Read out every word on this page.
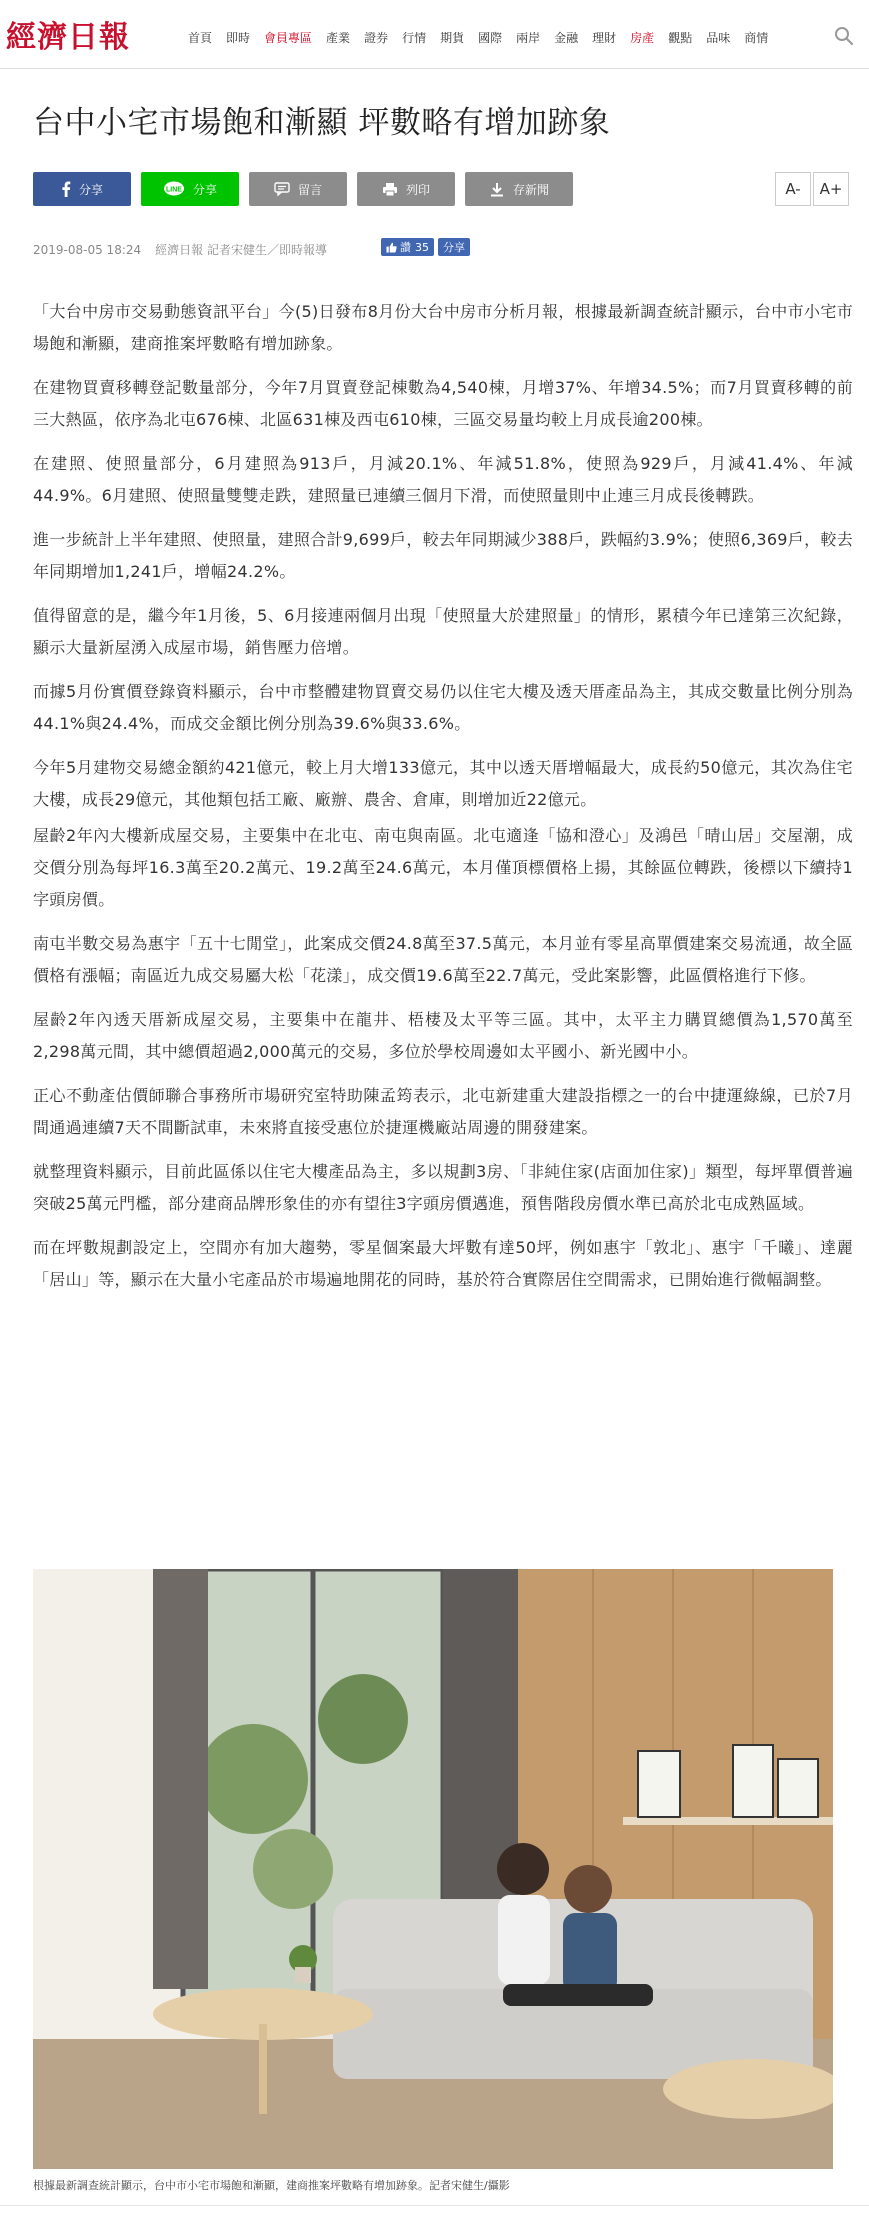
經濟日報	首頁 即時 會員專區 產業 證券 行情 期貨 國際 兩岸 金融 理財 房產 觀點 品味 商情
台中小宅市場飽和漸顯 坪數略有增加跡象
分享	LINE 分享	留言	列印	存新聞	A-	A+
2019-08-05 18:24 經濟日報 記者宋健生／即時報導	讚 35	分享

「大台中房市交易動態資訊平台」今(5)日發布8月份大台中房市分析月報，根據最新調查統計顯示，台中市小宅市場飽和漸顯，建商推案坪數略有增加跡象。

在建物買賣移轉登記數量部分，今年7月買賣登記棟數為4,540棟，月增37%、年增34.5%；而7月買賣移轉的前三大熱區，依序為北屯676棟、北區631棟及西屯610棟，三區交易量均較上月成長逾200棟。

在建照、使照量部分，6月建照為913戶，月減20.1%、年減51.8%，使照為929戶，月減41.4%、年減44.9%。6月建照、使照量雙雙走跌，建照量已連續三個月下滑，而使照量則中止連三月成長後轉跌。

進一步統計上半年建照、使照量，建照合計9,699戶，較去年同期減少388戶，跌幅約3.9%；使照6,369戶，較去年同期增加1,241戶，增幅24.2%。

值得留意的是，繼今年1月後，5、6月接連兩個月出現「使照量大於建照量」的情形，累積今年已達第三次紀錄，顯示大量新屋湧入成屋市場，銷售壓力倍增。

而據5月份實價登錄資料顯示，台中市整體建物買賣交易仍以住宅大樓及透天厝產品為主，其成交數量比例分別為44.1%與24.4%，而成交金額比例分別為39.6%與33.6%。

今年5月建物交易總金額約421億元，較上月大增133億元，其中以透天厝增幅最大，成長約50億元，其次為住宅大樓，成長29億元，其他類包括工廠、廠辦、農舍、倉庫，則增加近22億元。

屋齡2年內大樓新成屋交易，主要集中在北屯、南屯與南區。北屯適逢「協和澄心」及鴻邑「晴山居」交屋潮，成交價分別為每坪16.3萬至20.2萬元、19.2萬至24.6萬元，本月僅頂標價格上揚，其餘區位轉跌，後標以下續持1字頭房價。

南屯半數交易為惠宇「五十七閒堂」，此案成交價24.8萬至37.5萬元，本月並有零星高單價建案交易流通，故全區價格有漲幅；南區近九成交易屬大松「花漾」，成交價19.6萬至22.7萬元，受此案影響，此區價格進行下修。

屋齡2年內透天厝新成屋交易，主要集中在龍井、梧棲及太平等三區。其中，太平主力購買總價為1,570萬至2,298萬元間，其中總價超過2,000萬元的交易，多位於學校周邊如太平國小、新光國中小。

正心不動產估價師聯合事務所市場研究室特助陳孟筠表示，北屯新建重大建設指標之一的台中捷運綠線，已於7月間通過連續7天不間斷試車，未來將直接受惠位於捷運機廠站周邊的開發建案。

就整理資料顯示，目前此區係以住宅大樓產品為主，多以規劃3房、「非純住家(店面加住家)」類型，每坪單價普遍突破25萬元門檻，部分建商品牌形象佳的亦有望往3字頭房價邁進，預售階段房價水準已高於北屯成熟區域。

而在坪數規劃設定上，空間亦有加大趨勢，零星個案最大坪數有達50坪，例如惠宇「敦北」、惠宇「千曦」、達麗「居山」等，顯示在大量小宅產品於市場遍地開花的同時，基於符合實際居住空間需求，已開始進行微幅調整。

根據最新調查統計顯示，台中市小宅市場飽和漸顯，建商推案坪數略有增加跡象。記者宋健生/攝影
